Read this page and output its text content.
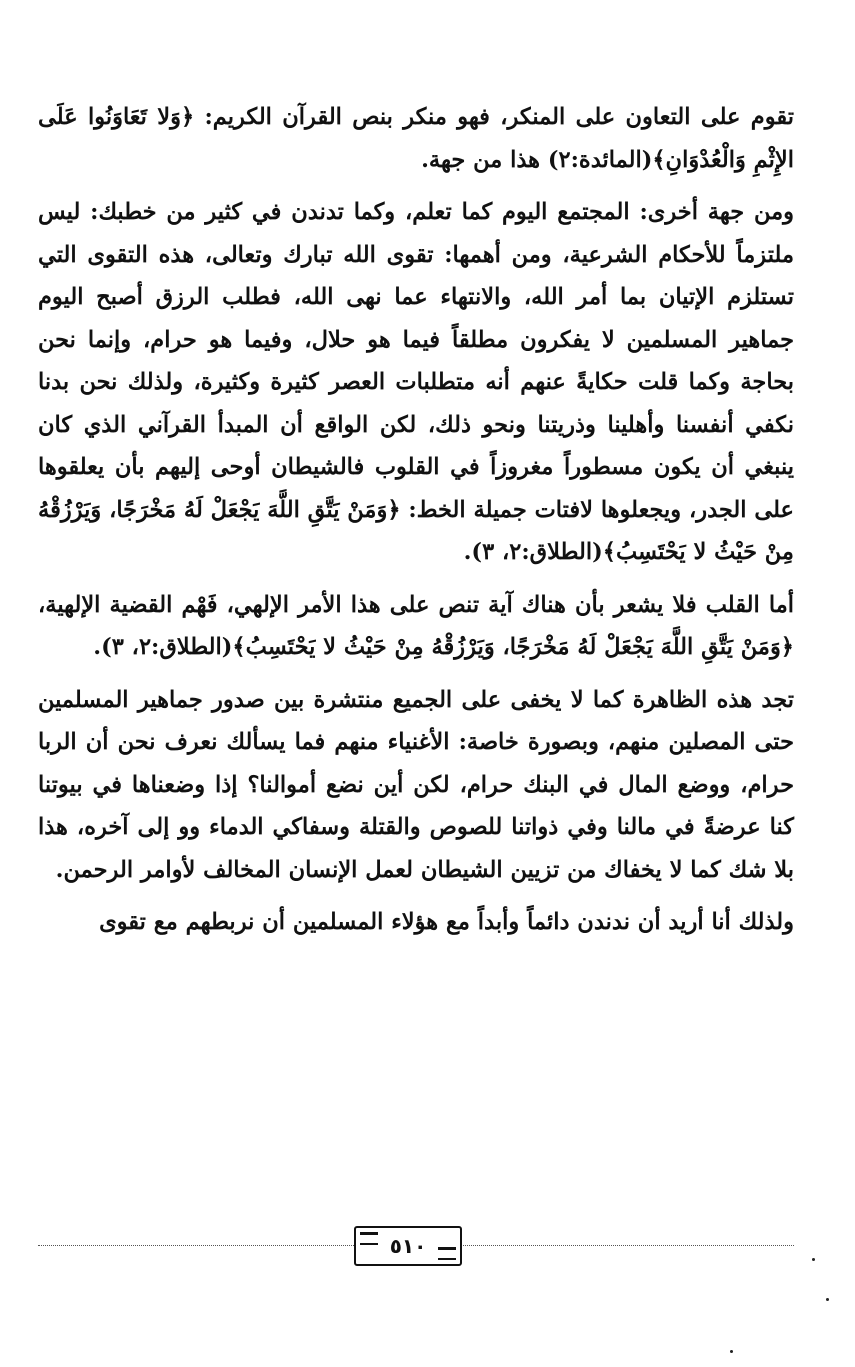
تقوم على التعاون على المنكر، فهو منكر بنص القرآن الكريم: ﴿وَلا تَعَاوَنُوا عَلَى الإِثْمِ وَالْعُدْوَانِ﴾(المائدة:٢) هذا من جهة.

ومن جهة أخرى: المجتمع اليوم كما تعلم، وكما تدندن في كثير من خطبك: ليس ملتزماً للأحكام الشرعية، ومن أهمها: تقوى الله تبارك وتعالى، هذه التقوى التي تستلزم الإتيان بما أمر الله، والانتهاء عما نهى الله، فطلب الرزق أصبح اليوم جماهير المسلمين لا يفكرون مطلقاً فيما هو حلال، وفيما هو حرام، وإنما نحن بحاجة وكما قلت حكايةً عنهم أنه متطلبات العصر كثيرة وكثيرة، ولذلك نحن بدنا نكفي أنفسنا وأهلينا وذريتنا ونحو ذلك، لكن الواقع أن المبدأ القرآني الذي كان ينبغي أن يكون مسطوراً مغروزاً في القلوب فالشيطان أوحى إليهم بأن يعلقوها على الجدر، ويجعلوها لافتات جميلة الخط: ﴿وَمَنْ يَتَّقِ اللَّهَ يَجْعَلْ لَهُ مَخْرَجًا، وَيَرْزُقْهُ مِنْ حَيْثُ لا يَحْتَسِبُ﴾(الطلاق:٢، ٣).

أما القلب فلا يشعر بأن هناك آية تنص على هذا الأمر الإلهي، فَهْم القضية الإلهية، ﴿وَمَنْ يَتَّقِ اللَّهَ يَجْعَلْ لَهُ مَخْرَجًا، وَيَرْزُقْهُ مِنْ حَيْثُ لا يَحْتَسِبُ﴾(الطلاق:٢، ٣).

تجد هذه الظاهرة كما لا يخفى على الجميع منتشرة بين صدور جماهير المسلمين حتى المصلين منهم، وبصورة خاصة: الأغنياء منهم فما يسألك نعرف نحن أن الربا حرام، ووضع المال في البنك حرام، لكن أين نضع أموالنا؟ إذا وضعناها في بيوتنا كنا عرضةً في مالنا وفي ذواتنا للصوص والقتلة وسفاكي الدماء وو إلى آخره، هذا بلا شك كما لا يخفاك من تزيين الشيطان لعمل الإنسان المخالف لأوامر الرحمن.

ولذلك أنا أريد أن ندندن دائماً وأبداً مع هؤلاء المسلمين أن نربطهم مع تقوى

٥١٠
